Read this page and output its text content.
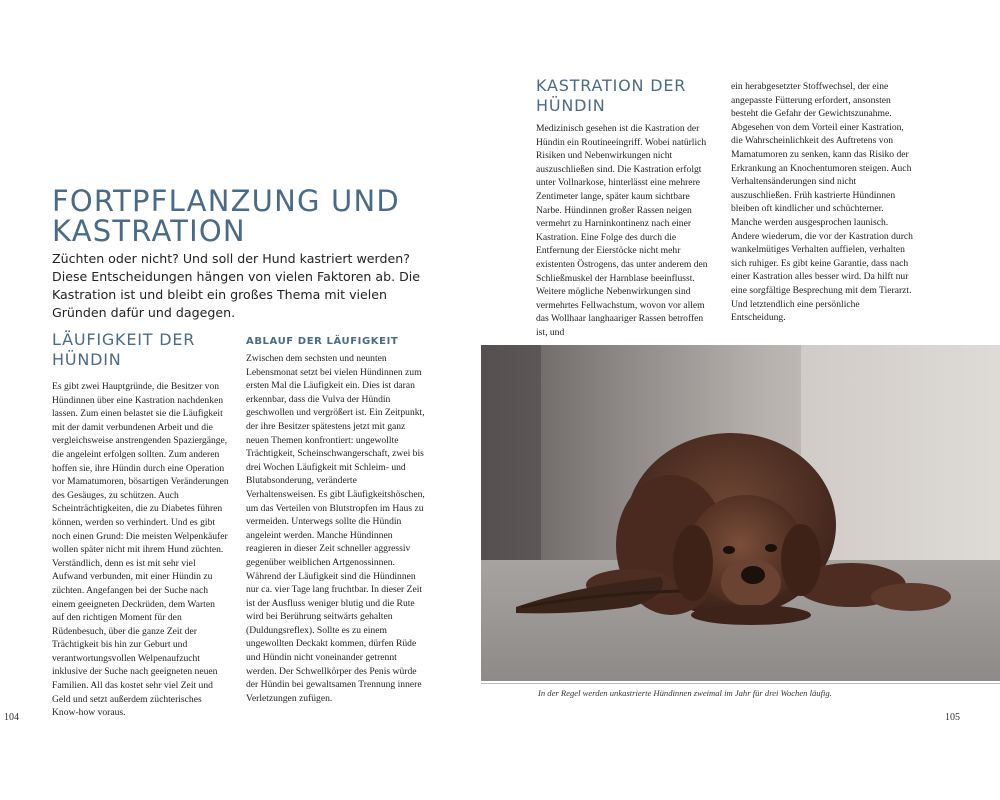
FORTPFLANZUNG UND
KASTRATION

Züchten oder nicht? Und soll der Hund kastriert werden? Diese Entscheidungen hängen von vielen Faktoren ab. Die Kastration ist und bleibt ein großes Thema mit vielen Gründen dafür und dagegen.

LÄUFIGKEIT DER
HÜNDIN

Es gibt zwei Hauptgründe, die Besitzer von Hündinnen über eine Kastration nachdenken lassen. Zum einen belastet sie die Läufigkeit mit der damit verbundenen Arbeit und die vergleichsweise anstrengenden Spaziergänge, die angeleint erfolgen sollten. Zum anderen hoffen sie, ihre Hündin durch eine Operation vor Mamatumoren, bösartigen Veränderungen des Gesäuges, zu schützen. Auch Scheinträchtigkeiten, die zu Diabetes führen können, werden so verhindert. Und es gibt noch einen Grund: Die meisten Welpenkäufer wollen später nicht mit ihrem Hund züchten. Verständlich, denn es ist mit sehr viel Aufwand verbunden, mit einer Hündin zu züchten. Angefangen bei der Suche nach einem geeigneten Deckrüden, dem Warten auf den richtigen Moment für den Rüdenbesuch, über die ganze Zeit der Trächtigkeit bis hin zur Geburt und verantwortungsvollen Welpenaufzucht inklusive der Suche nach geeigneten neuen Familien. All das kostet sehr viel Zeit und Geld und setzt außerdem züchterisches Know-how voraus.

ABLAUF DER LÄUFIGKEIT

Zwischen dem sechsten und neunten Lebensmonat setzt bei vielen Hündinnen zum ersten Mal die Läufigkeit ein. Dies ist daran erkennbar, dass die Vulva der Hündin geschwollen und vergrößert ist. Ein Zeitpunkt, der ihre Besitzer spätestens jetzt mit ganz neuen Themen konfrontiert: ungewollte Trächtigkeit, Scheinschwangerschaft, zwei bis drei Wochen Läufigkeit mit Schleim- und Blutabsonderung, veränderte Verhaltensweisen. Es gibt Läufigkeitshöschen, um das Verteilen von Blutstropfen im Haus zu vermeiden. Unterwegs sollte die Hündin angeleint werden. Manche Hündinnen reagieren in dieser Zeit schneller aggressiv gegenüber weiblichen Artgenossinnen. Während der Läufigkeit sind die Hündinnen nur ca. vier Tage lang fruchtbar. In dieser Zeit ist der Ausfluss weniger blutig und die Rute wird bei Berührung seitwärts gehalten (Duldungsreflex). Sollte es zu einem ungewollten Deckakt kommen, dürfen Rüde und Hündin nicht voneinander getrennt werden. Der Schwellkörper des Penis würde der Hündin bei gewaltsamen Trennung innere Verletzungen zufügen.

104
KASTRATION DER
HÜNDIN

Medizinisch gesehen ist die Kastration der Hündin ein Routineeingriff. Wobei natürlich Risiken und Nebenwirkungen nicht auszuschließen sind. Die Kastration erfolgt unter Vollnarkose, hinterlässt eine mehrere Zentimeter lange, später kaum sichtbare Narbe. Hündinnen großer Rassen neigen vermehrt zu Harninkontinenz nach einer Kastration. Eine Folge des durch die Entfernung der Eierstöcke nicht mehr existenten Östrogens, das unter anderem den Schließmuskel der Harnblase beeinflusst. Weitere mögliche Nebenwirkungen sind vermehrtes Fellwachstum, wovon vor allem das Wollhaar langhaariger Rassen betroffen ist, und

ein herabgesetzter Stoffwechsel, der eine angepasste Fütterung erfordert, ansonsten besteht die Gefahr der Gewichtszunahme. Abgesehen von dem Vorteil einer Kastration, die Wahrscheinlichkeit des Auftretens von Mamatumoren zu senken, kann das Risiko der Erkrankung an Knochentumoren steigen. Auch Verhaltensänderungen sind nicht auszuschließen. Früh kastrierte Hündinnen bleiben oft kindlicher und schüchterner. Manche werden ausgesprochen launisch. Andere wiederum, die vor der Kastration durch wankelmütiges Verhalten auffielen, verhalten sich ruhiger. Es gibt keine Garantie, dass nach einer Kastration alles besser wird. Da hilft nur eine sorgfältige Besprechung mit dem Tierarzt. Und letztendlich eine persönliche Entscheidung.

In der Regel werden unkastrierte Hündinnen zweimal im Jahr für drei Wochen läufig.
105
